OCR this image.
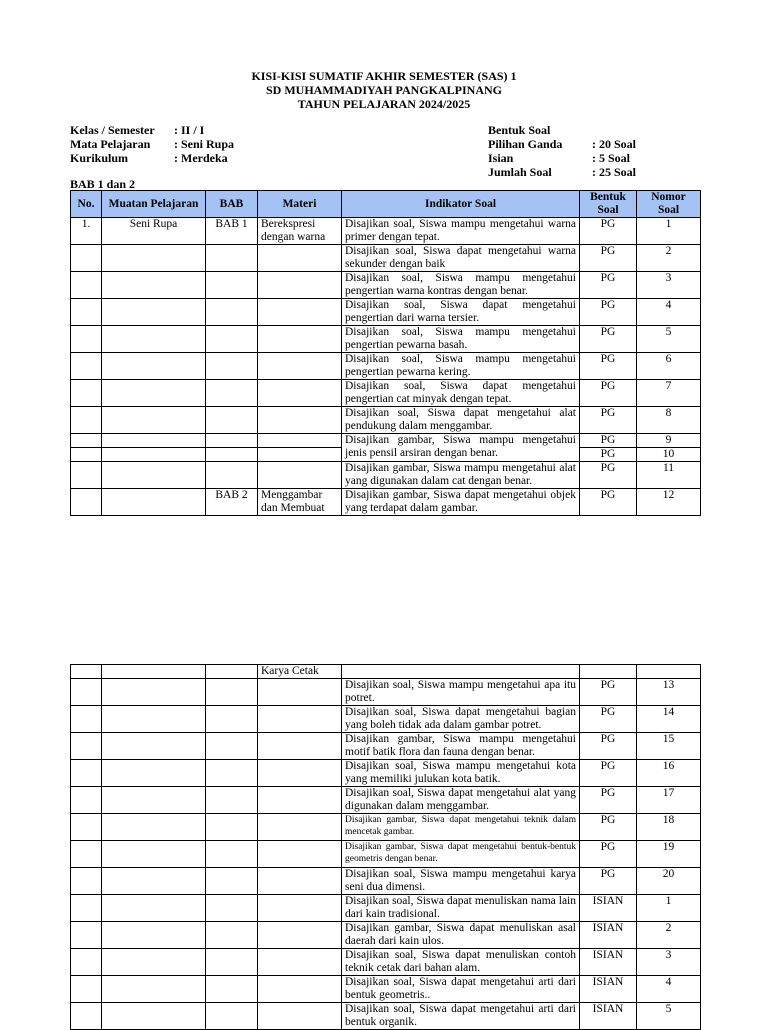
KISI-KISI SUMATIF AKHIR SEMESTER (SAS) 1
SD MUHAMMADIYAH PANGKALPINANG
TAHUN PELAJARAN 2024/2025
Kelas / Semester	: II / I
Mata Pelajaran	: Seni Rupa
Kurikulum	: Merdeka
Bentuk Soal
Pilihan Ganda	: 20 Soal
Isian	: 5 Soal
Jumlah Soal	: 25 Soal
BAB 1 dan 2
No.	Muatan Pelajaran	BAB	Materi	Indikator Soal	Bentuk Soal	Nomor Soal
1.	Seni Rupa	BAB 1	Berekspresi dengan warna	Disajikan soal, Siswa mampu mengetahui warna primer dengan tepat.	PG	1
				Disajikan soal, Siswa dapat mengetahui warna sekunder dengan baik	PG	2
				Disajikan soal, Siswa mampu mengetahui pengertian warna kontras dengan benar.	PG	3
				Disajikan soal, Siswa dapat mengetahui pengertian dari warna tersier.	PG	4
				Disajikan soal, Siswa mampu mengetahui pengertian pewarna basah.	PG	5
				Disajikan soal, Siswa mampu mengetahui pengertian pewarna kering.	PG	6
				Disajikan soal, Siswa dapat mengetahui pengertian cat minyak dengan tepat.	PG	7
				Disajikan soal, Siswa dapat mengetahui alat pendukung dalam menggambar.	PG	8
				Disajikan gambar, Siswa mampu mengetahui jenis pensil arsiran dengan benar.	PG	9
					PG	10
				Disajikan gambar, Siswa mampu mengetahui alat yang digunakan dalam cat dengan benar.	PG	11
		BAB 2	Menggambar dan Membuat	Disajikan gambar, Siswa dapat mengetahui objek yang terdapat dalam gambar.	PG	12
			Karya Cetak			
				Disajikan soal, Siswa mampu mengetahui apa itu potret.	PG	13
				Disajikan soal, Siswa dapat mengetahui bagian yang boleh tidak ada dalam gambar potret.	PG	14
				Disajikan gambar, Siswa mampu mengetahui motif batik flora dan fauna dengan benar.	PG	15
				Disajikan soal, Siswa mampu mengetahui kota yang memiliki julukan kota batik.	PG	16
				Disajikan soal, Siswa dapat mengetahui alat yang digunakan dalam menggambar.	PG	17
				Disajikan gambar, Siswa dapat mengetahui teknik dalam mencetak gambar.	PG	18
				Disajikan gambar, Siswa dapat mengetahui bentuk-bentuk geometris dengan benar.	PG	19
				Disajikan soal, Siswa mampu mengetahui karya seni dua dimensi.	PG	20
				Disajikan soal, Siswa dapat menuliskan nama lain dari kain tradisional.	ISIAN	1
				Disajikan gambar, Siswa dapat menuliskan asal daerah dari kain ulos.	ISIAN	2
				Disajikan soal, Siswa dapat menuliskan contoh teknik cetak dari bahan alam.	ISIAN	3
				Disajikan soal, Siswa dapat mengetahui arti dari bentuk geometris..	ISIAN	4
				Disajikan soal, Siswa dapat mengetahui arti dari bentuk organik.	ISIAN	5
